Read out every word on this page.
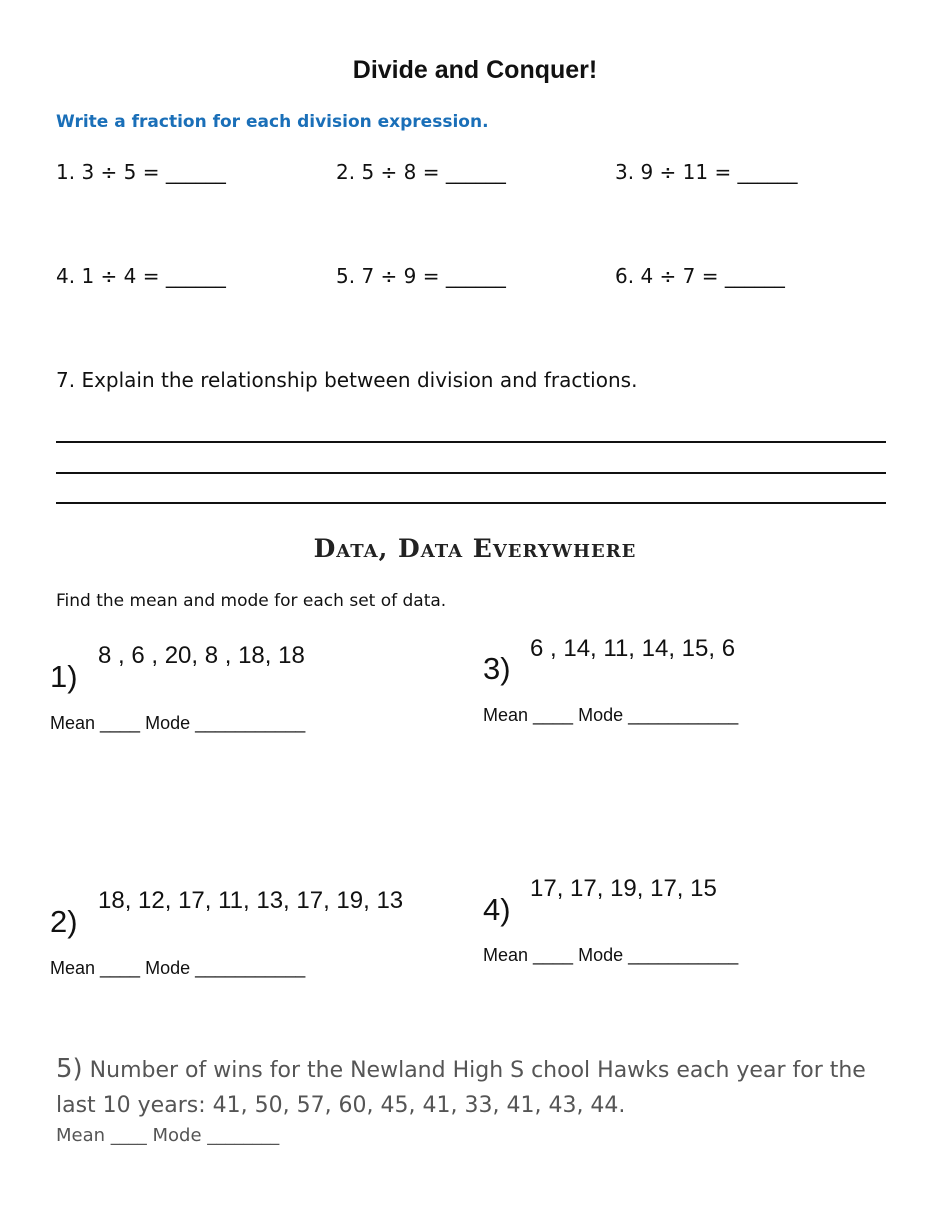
Divide and Conquer!
Write a fraction for each division expression.
1. 3 ÷ 5 = ______	2. 5 ÷ 8 = ______	3. 9 ÷ 11 = ______
4. 1 ÷ 4 = ______	5. 7 ÷ 9 = ______	6. 4 ÷ 7 = ______
7. Explain the relationship between division and fractions.
Data, Data Everywhere
Find the mean and mode for each set of data.
1)
8 , 6 , 20, 8 , 18, 18
Mean ____ Mode ___________
3)
6 , 14, 11, 14, 15, 6
Mean ____ Mode ___________
2)
18, 12, 17, 11, 13, 17, 19, 13
Mean ____ Mode ___________
4)
17, 17, 19, 17, 15
Mean ____ Mode ___________
5) Number of wins for the Newland High S chool Hawks each year for the last 10 years: 41, 50, 57, 60, 45, 41, 33, 41, 43, 44.
Mean ____ Mode ________
